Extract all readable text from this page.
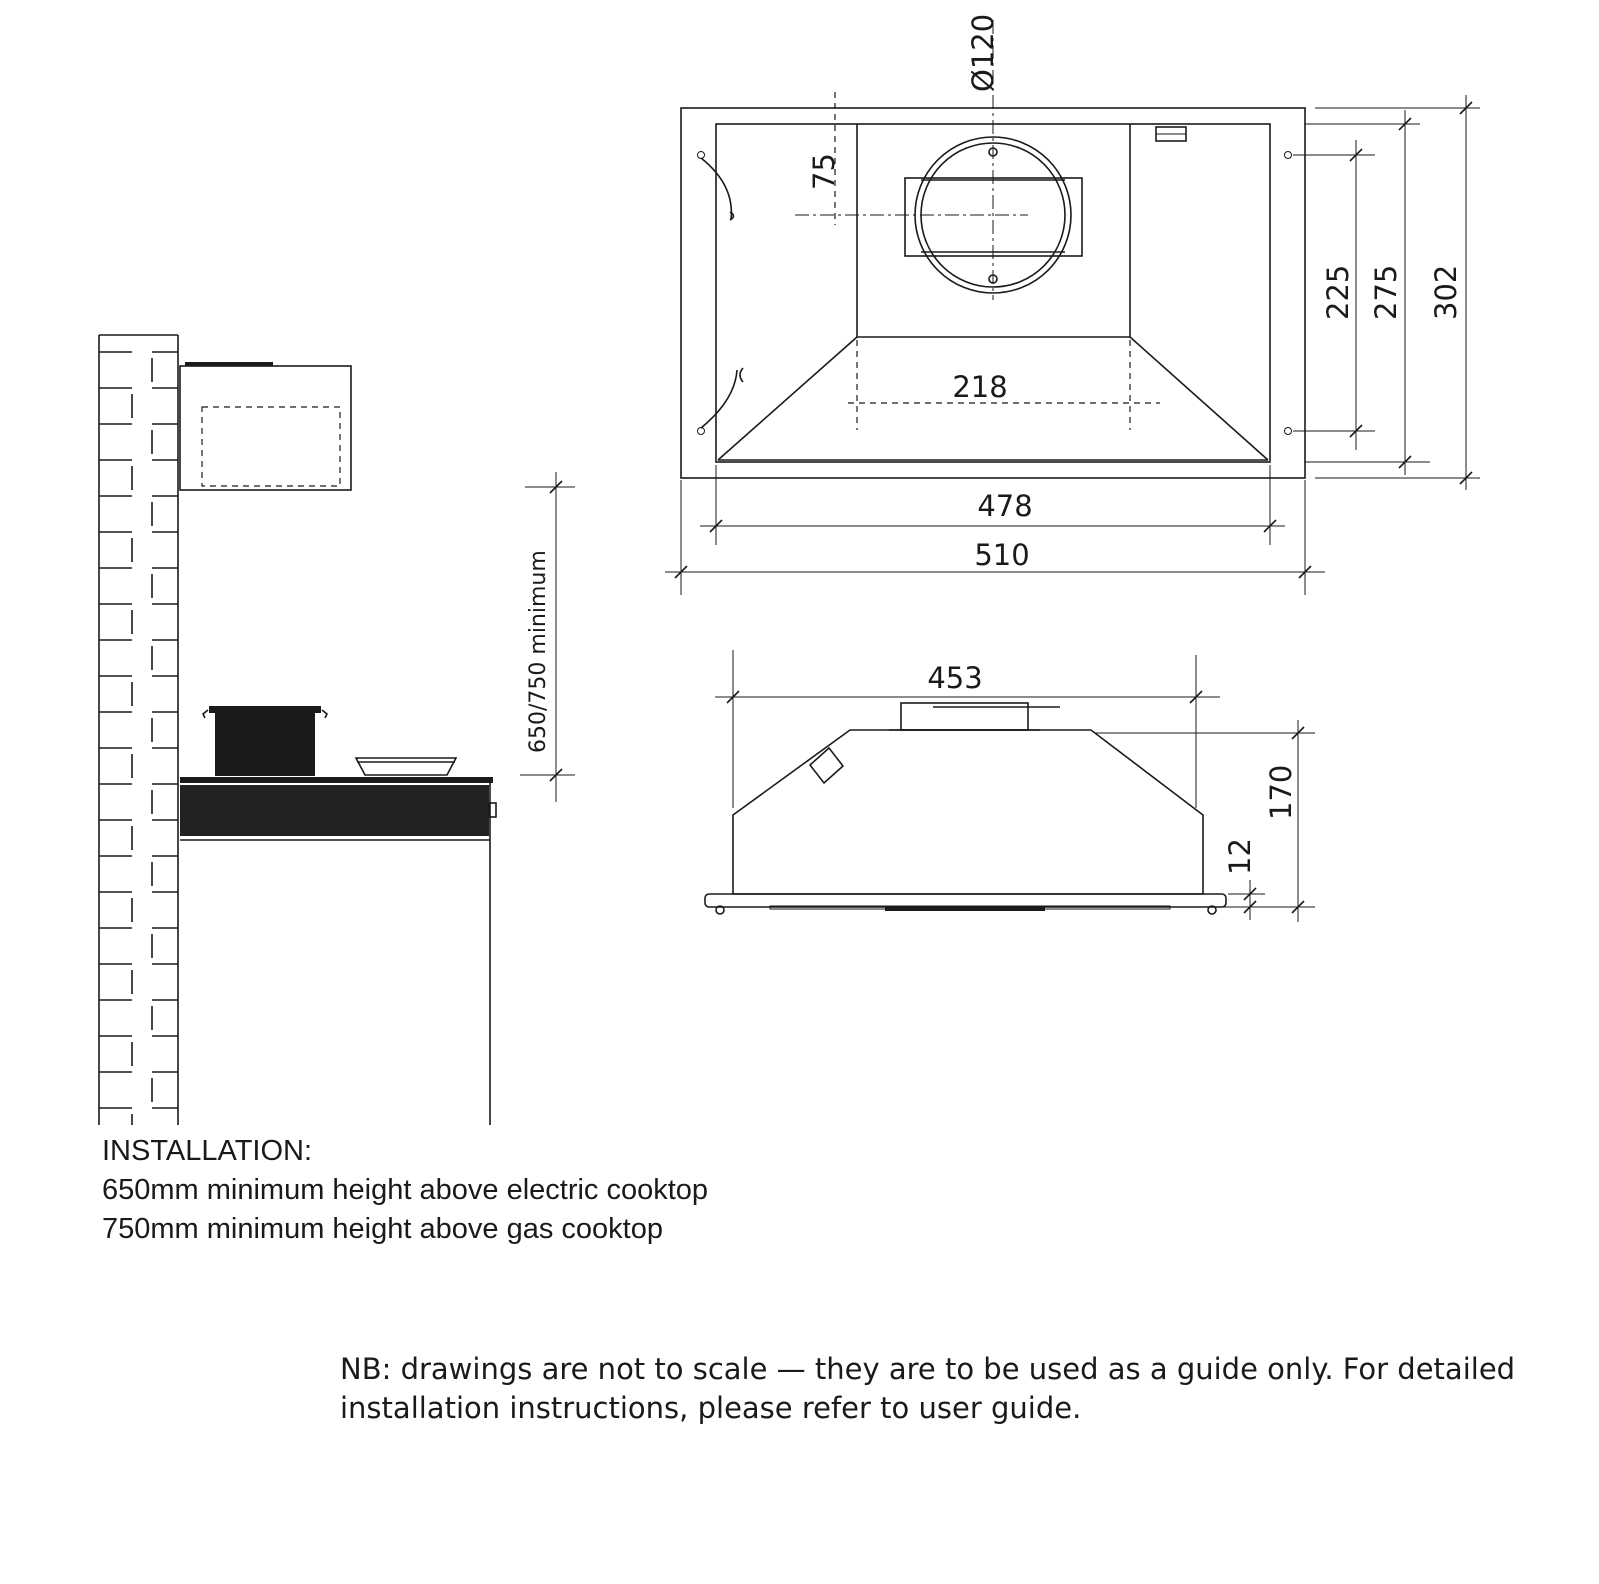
650/750 minimum
Ø120
75
218
478
510
225 275 302
453
170
12
INSTALLATION:
650mm minimum height above electric cooktop
750mm minimum height above gas cooktop
NB: drawings are not to scale — they are to be used as a guide only. For detailed
installation instructions, please refer to user guide.
